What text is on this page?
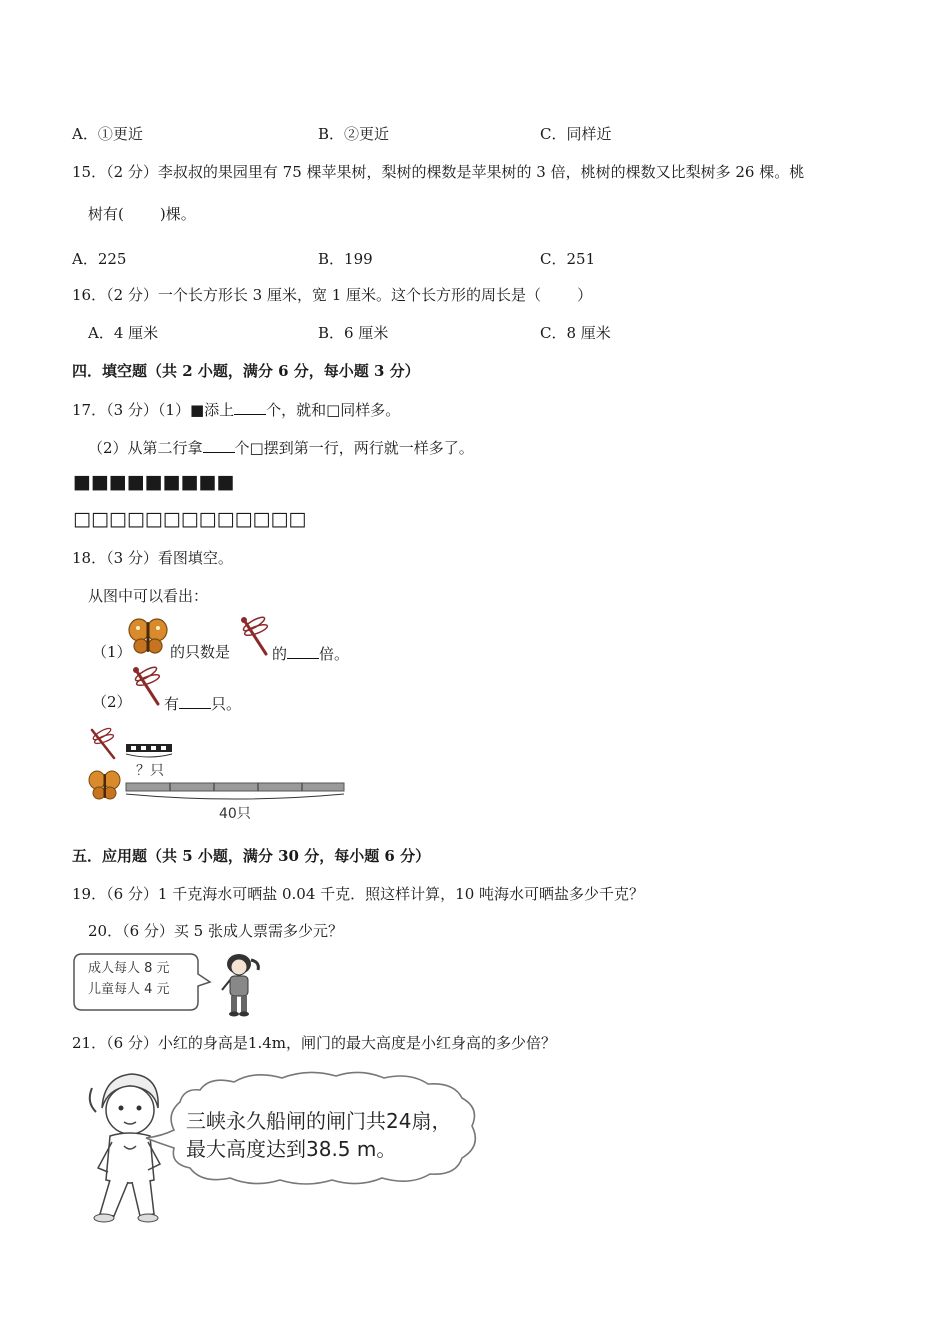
A．①更近	B．②更近	C．同样近
15．（2 分）李叔叔的果园里有 75 棵苹果树，梨树的棵数是苹果树的 3 倍，桃树的棵数又比梨树多 26 棵。桃
树有( )棵。
A．225	B．199	C．251
16．（2 分）一个长方形长 3 厘米，宽 1 厘米。这个长方形的周长是（ ）
A．4 厘米	B．6 厘米	C．8 厘米
四．填空题（共 2 小题，满分 6 分，每小题 3 分）
17．（3 分）（1）■添上 个，就和□同样多。
（2）从第二行拿 个□摆到第一行，两行就一样多了。
■■■■■■■■■
□□□□□□□□□□□□□
18．（3 分）看图填空。
从图中可以看出：
（1）	的只数是	的 倍。
（2） 有 只。
？只
40只
五．应用题（共 5 小题，满分 30 分，每小题 6 分）
19．（6 分）1 千克海水可晒盐 0.04 千克．照这样计算，10 吨海水可晒盐多少千克？
20．（6 分）买 5 张成人票需多少元？
成人每人 8 元
儿童每人 4 元
21．（6 分）小红的身高是1.4m，闸门的最大高度是小红身高的多少倍？
三峡永久船闸的闸门共24扇，
最大高度达到38.5 m。
